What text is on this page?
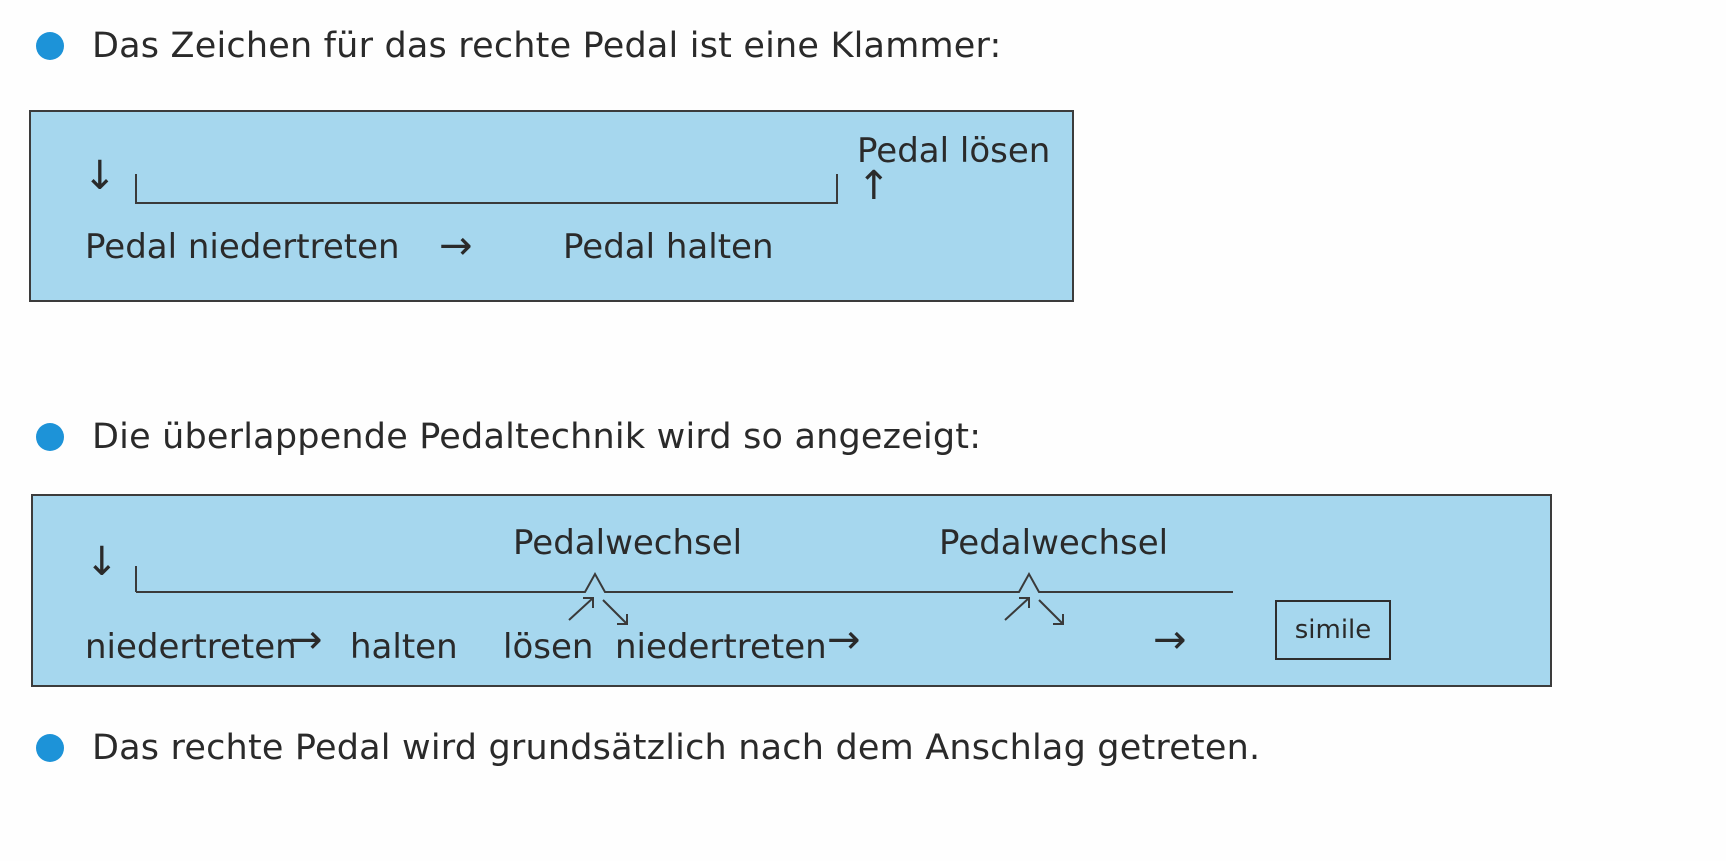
Das Zeichen für das rechte Pedal ist eine Klammer:
↓	↑
Pedal lösen
Pedal niedertreten →	Pedal halten
Die überlappende Pedaltechnik wird so angezeigt:
Pedalwechsel	Pedalwechsel
↓
niedertreten
→ halten lösen niedertreten →	→	simile
Das rechte Pedal wird grundsätzlich nach dem Anschlag getreten.
